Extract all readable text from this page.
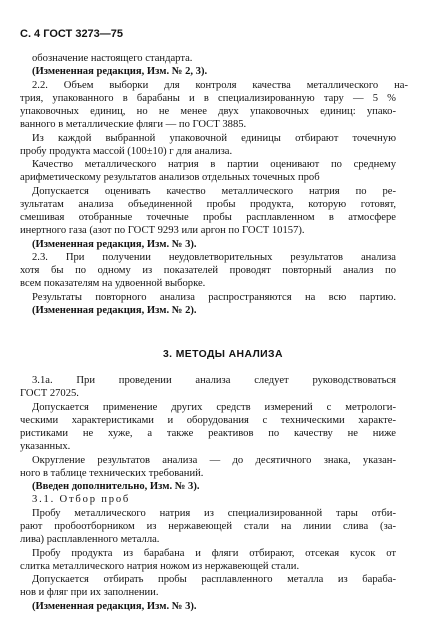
С. 4 ГОСТ 3273—75

обозначение настоящего стандарта.

(Измененная редакция, Изм. № 2, 3).

2.2. Объем выборки для контроля качества металлического на-

трия, упакованного в барабаны и в специализированную тару — 5 %

упаковочных единиц, но не менее двух упаковочных единиц: упако-

ванного в металлические фляги — по ГОСТ 3885.

Из каждой выбранной упаковочной единицы отбирают точечную

пробу продукта массой (100±10) г для анализа.

Качество металлического натрия в партии оценивают по среднему

арифметическому результатов анализов отдельных точечных проб

Допускается оценивать качество металлического натрия по ре-

зультатам анализа объединенной пробы продукта, которую готовят,

смешивая отобранные точечные пробы расплавленном в атмосфере

инертного газа (азот по ГОСТ 9293 или аргон по ГОСТ 10157).

(Измененная редакция, Изм. № 3).

2.3. При получении неудовлетворительных результатов анализа

хотя бы по одному из показателей проводят повторный анализ по

всем показателям на удвоенной выборке.

Результаты повторного анализа распространяются на всю партию.

(Измененная редакция, Изм. № 2).

3. МЕТОДЫ АНАЛИЗА

3.1а. При проведении анализа следует руководствоваться

ГОСТ 27025.

Допускается применение других средств измерений с метрологи-

ческими характеристиками и оборудования с техническими характе-

ристиками не хуже, а также реактивов по качеству не ниже

указанных.

Округление результатов анализа — до десятичного знака, указан-

ного в таблице технических требований.

(Введен дополнительно, Изм. № 3).

3.1. Отбор проб

Пробу металлического натрия из специализированной тары отби-

рают пробоотборником из нержавеющей стали на линии слива (за-

лива) расплавленного металла.

Пробу продукта из барабана и фляги отбирают, отсекая кусок от

слитка металлического натрия ножом из нержавеющей стали.

Допускается отбирать пробы расплавленного металла из бараба-

нов и фляг при их заполнении.

(Измененная редакция, Изм. № 3).
